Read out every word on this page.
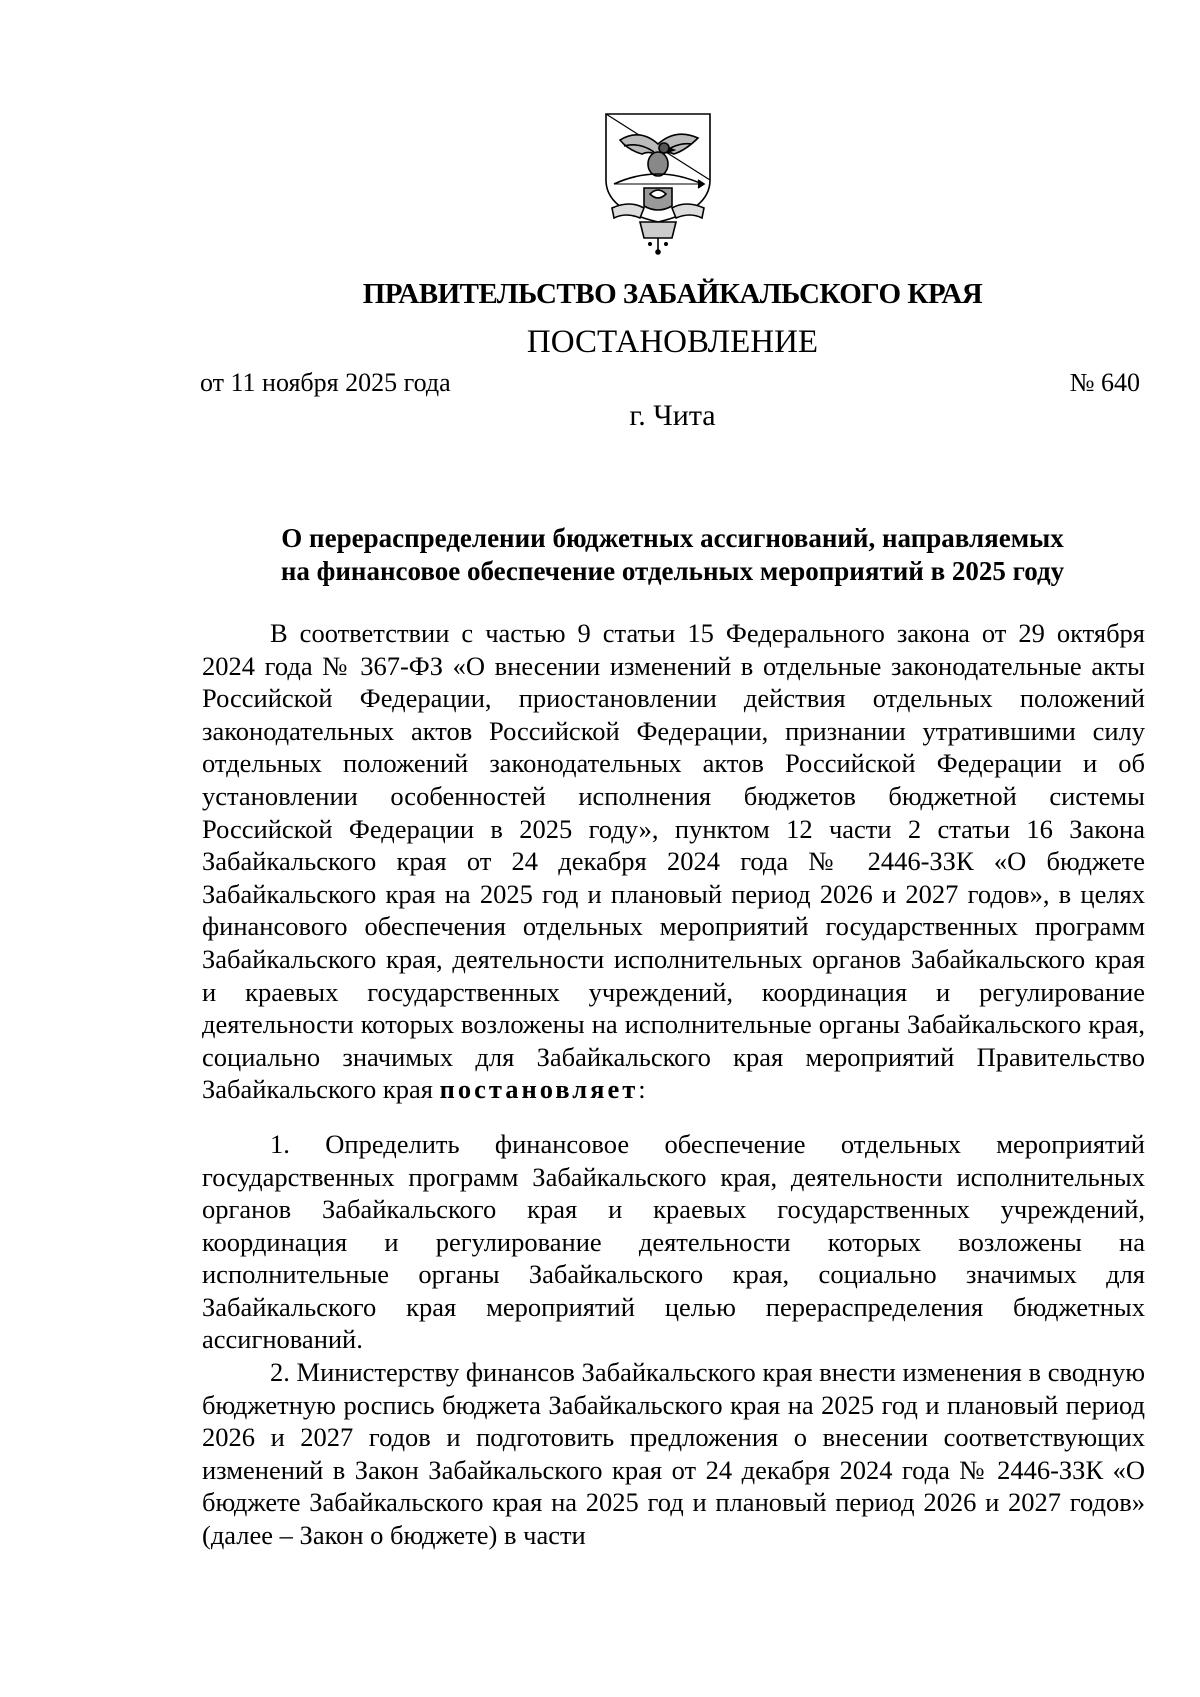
ПРАВИТЕЛЬСТВО ЗАБАЙКАЛЬСКОГО КРАЯ
ПОСТАНОВЛЕНИЕ
от 11 ноября 2025 года	№ 640
г. Чита
О перераспределении бюджетных ассигнований, направляемых
на финансовое обеспечение отдельных мероприятий в 2025 году

В соответствии с частью 9 статьи 15 Федерального закона от 29 октября 2024 года № 367-ФЗ «О внесении изменений в отдельные законодательные акты Российской Федерации, приостановлении действия отдельных положений законодательных актов Российской Федерации, признании утратившими силу отдельных положений законодательных актов Российской Федерации и об установлении особенностей исполнения бюджетов бюджетной системы Российской Федерации в 2025 году», пунктом 12 части 2 статьи 16 Закона Забайкальского края от 24 декабря 2024 года № 2446-ЗЗК «О бюджете Забайкальского края на 2025 год и плановый период 2026 и 2027 годов», в целях финансового обеспечения отдельных мероприятий государственных программ Забайкальского края, деятельности исполнительных органов Забайкальского края и краевых государственных учреждений, координация и регулирование деятельности которых возложены на исполнительные органы Забайкальского края, социально значимых для Забайкальского края мероприятий Правительство Забайкальского края постановляет:

1. Определить финансовое обеспечение отдельных мероприятий государственных программ Забайкальского края, деятельности исполнительных органов Забайкальского края и краевых государственных учреждений, координация и регулирование деятельности которых возложены на исполнительные органы Забайкальского края, социально значимых для Забайкальского края мероприятий целью перераспределения бюджетных ассигнований.

2. Министерству финансов Забайкальского края внести изменения в сводную бюджетную роспись бюджета Забайкальского края на 2025 год и плановый период 2026 и 2027 годов и подготовить предложения о внесении соответствующих изменений в Закон Забайкальского края от 24 декабря 2024 года № 2446-ЗЗК «О бюджете Забайкальского края на 2025 год и плановый период 2026 и 2027 годов» (далее – Закон о бюджете) в части
